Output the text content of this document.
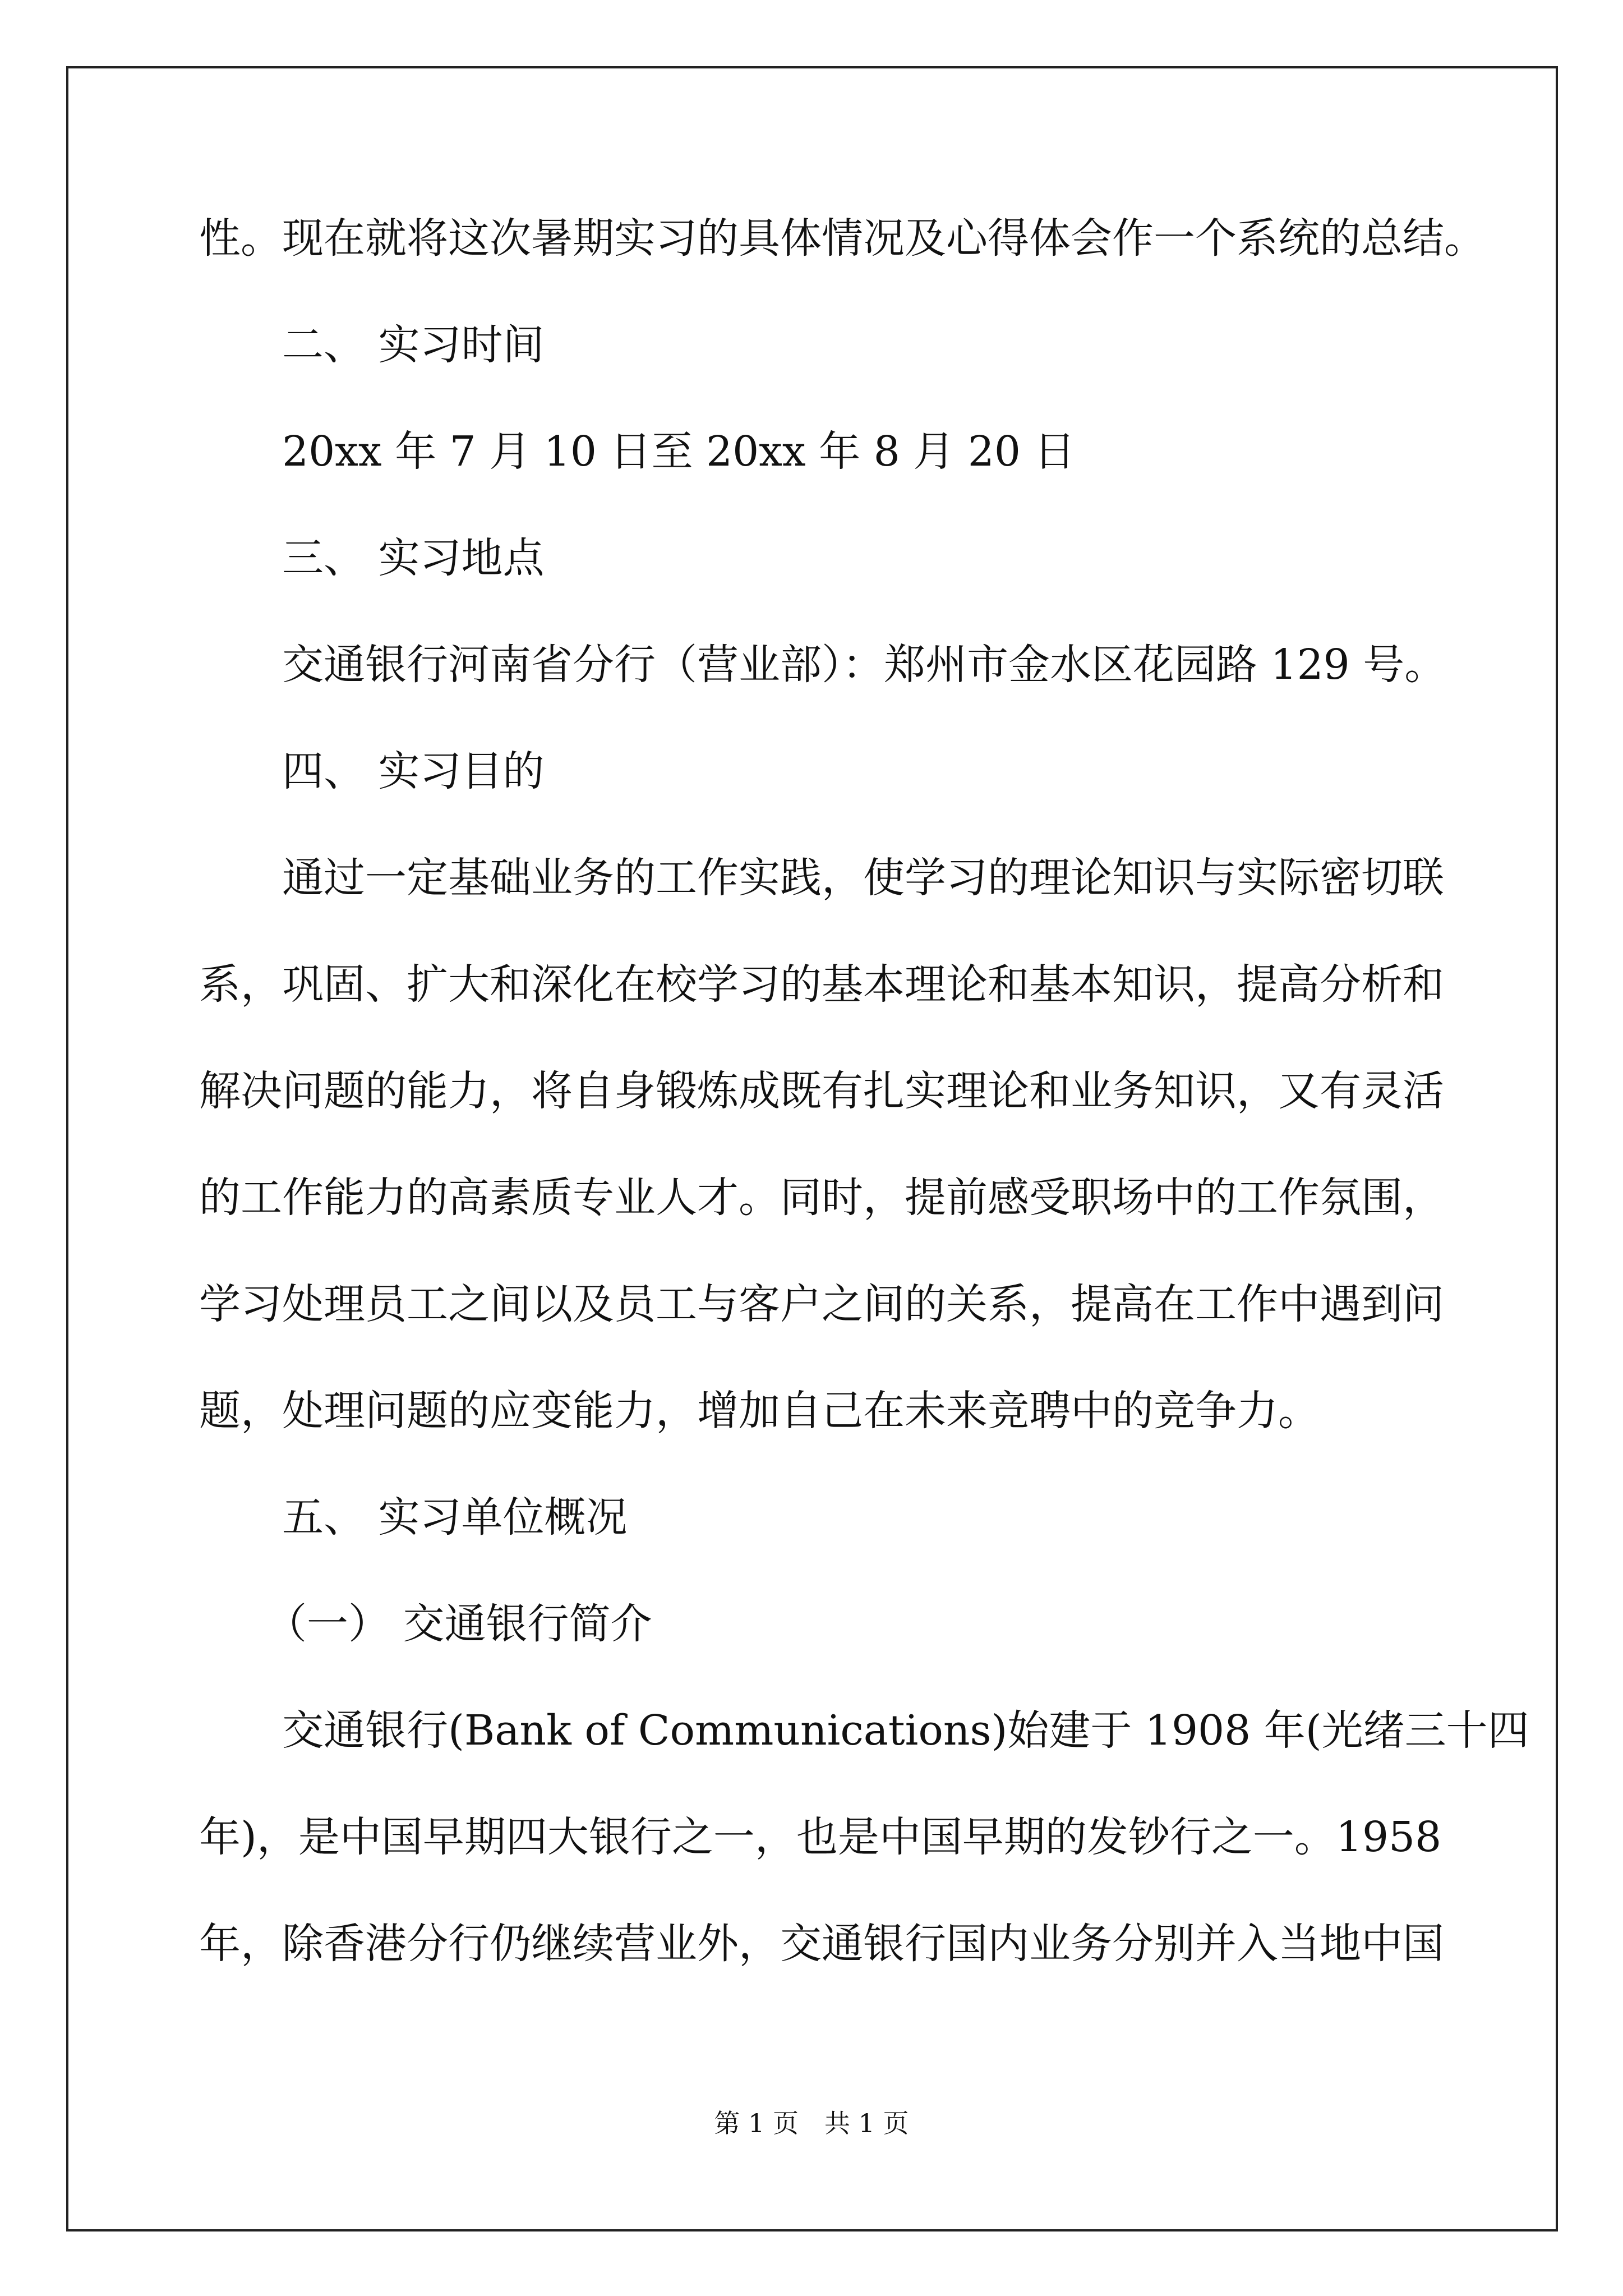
性。现在就将这次暑期实习的具体情况及心得体会作一个系统的总结。
二、 实习时间
20xx 年 7 月 10 日至 20xx 年 8 月 20 日
三、 实习地点
交通银行河南省分行（营业部）：郑州市金水区花园路 129 号。
四、 实习目的
通过一定基础业务的工作实践，使学习的理论知识与实际密切联
系，巩固、扩大和深化在校学习的基本理论和基本知识，提高分析和
解决问题的能力，将自身锻炼成既有扎实理论和业务知识，又有灵活
的工作能力的高素质专业人才。同时，提前感受职场中的工作氛围，
学习处理员工之间以及员工与客户之间的关系，提高在工作中遇到问
题，处理问题的应变能力，增加自己在未来竞聘中的竞争力。
五、 实习单位概况
（一） 交通银行简介
交通银行(Bank of Communications)始建于 1908 年(光绪三十四
年)，是中国早期四大银行之一，也是中国早期的发钞行之一。1958
年，除香港分行仍继续营业外，交通银行国内业务分别并入当地中国
第 1 页　共 1 页
